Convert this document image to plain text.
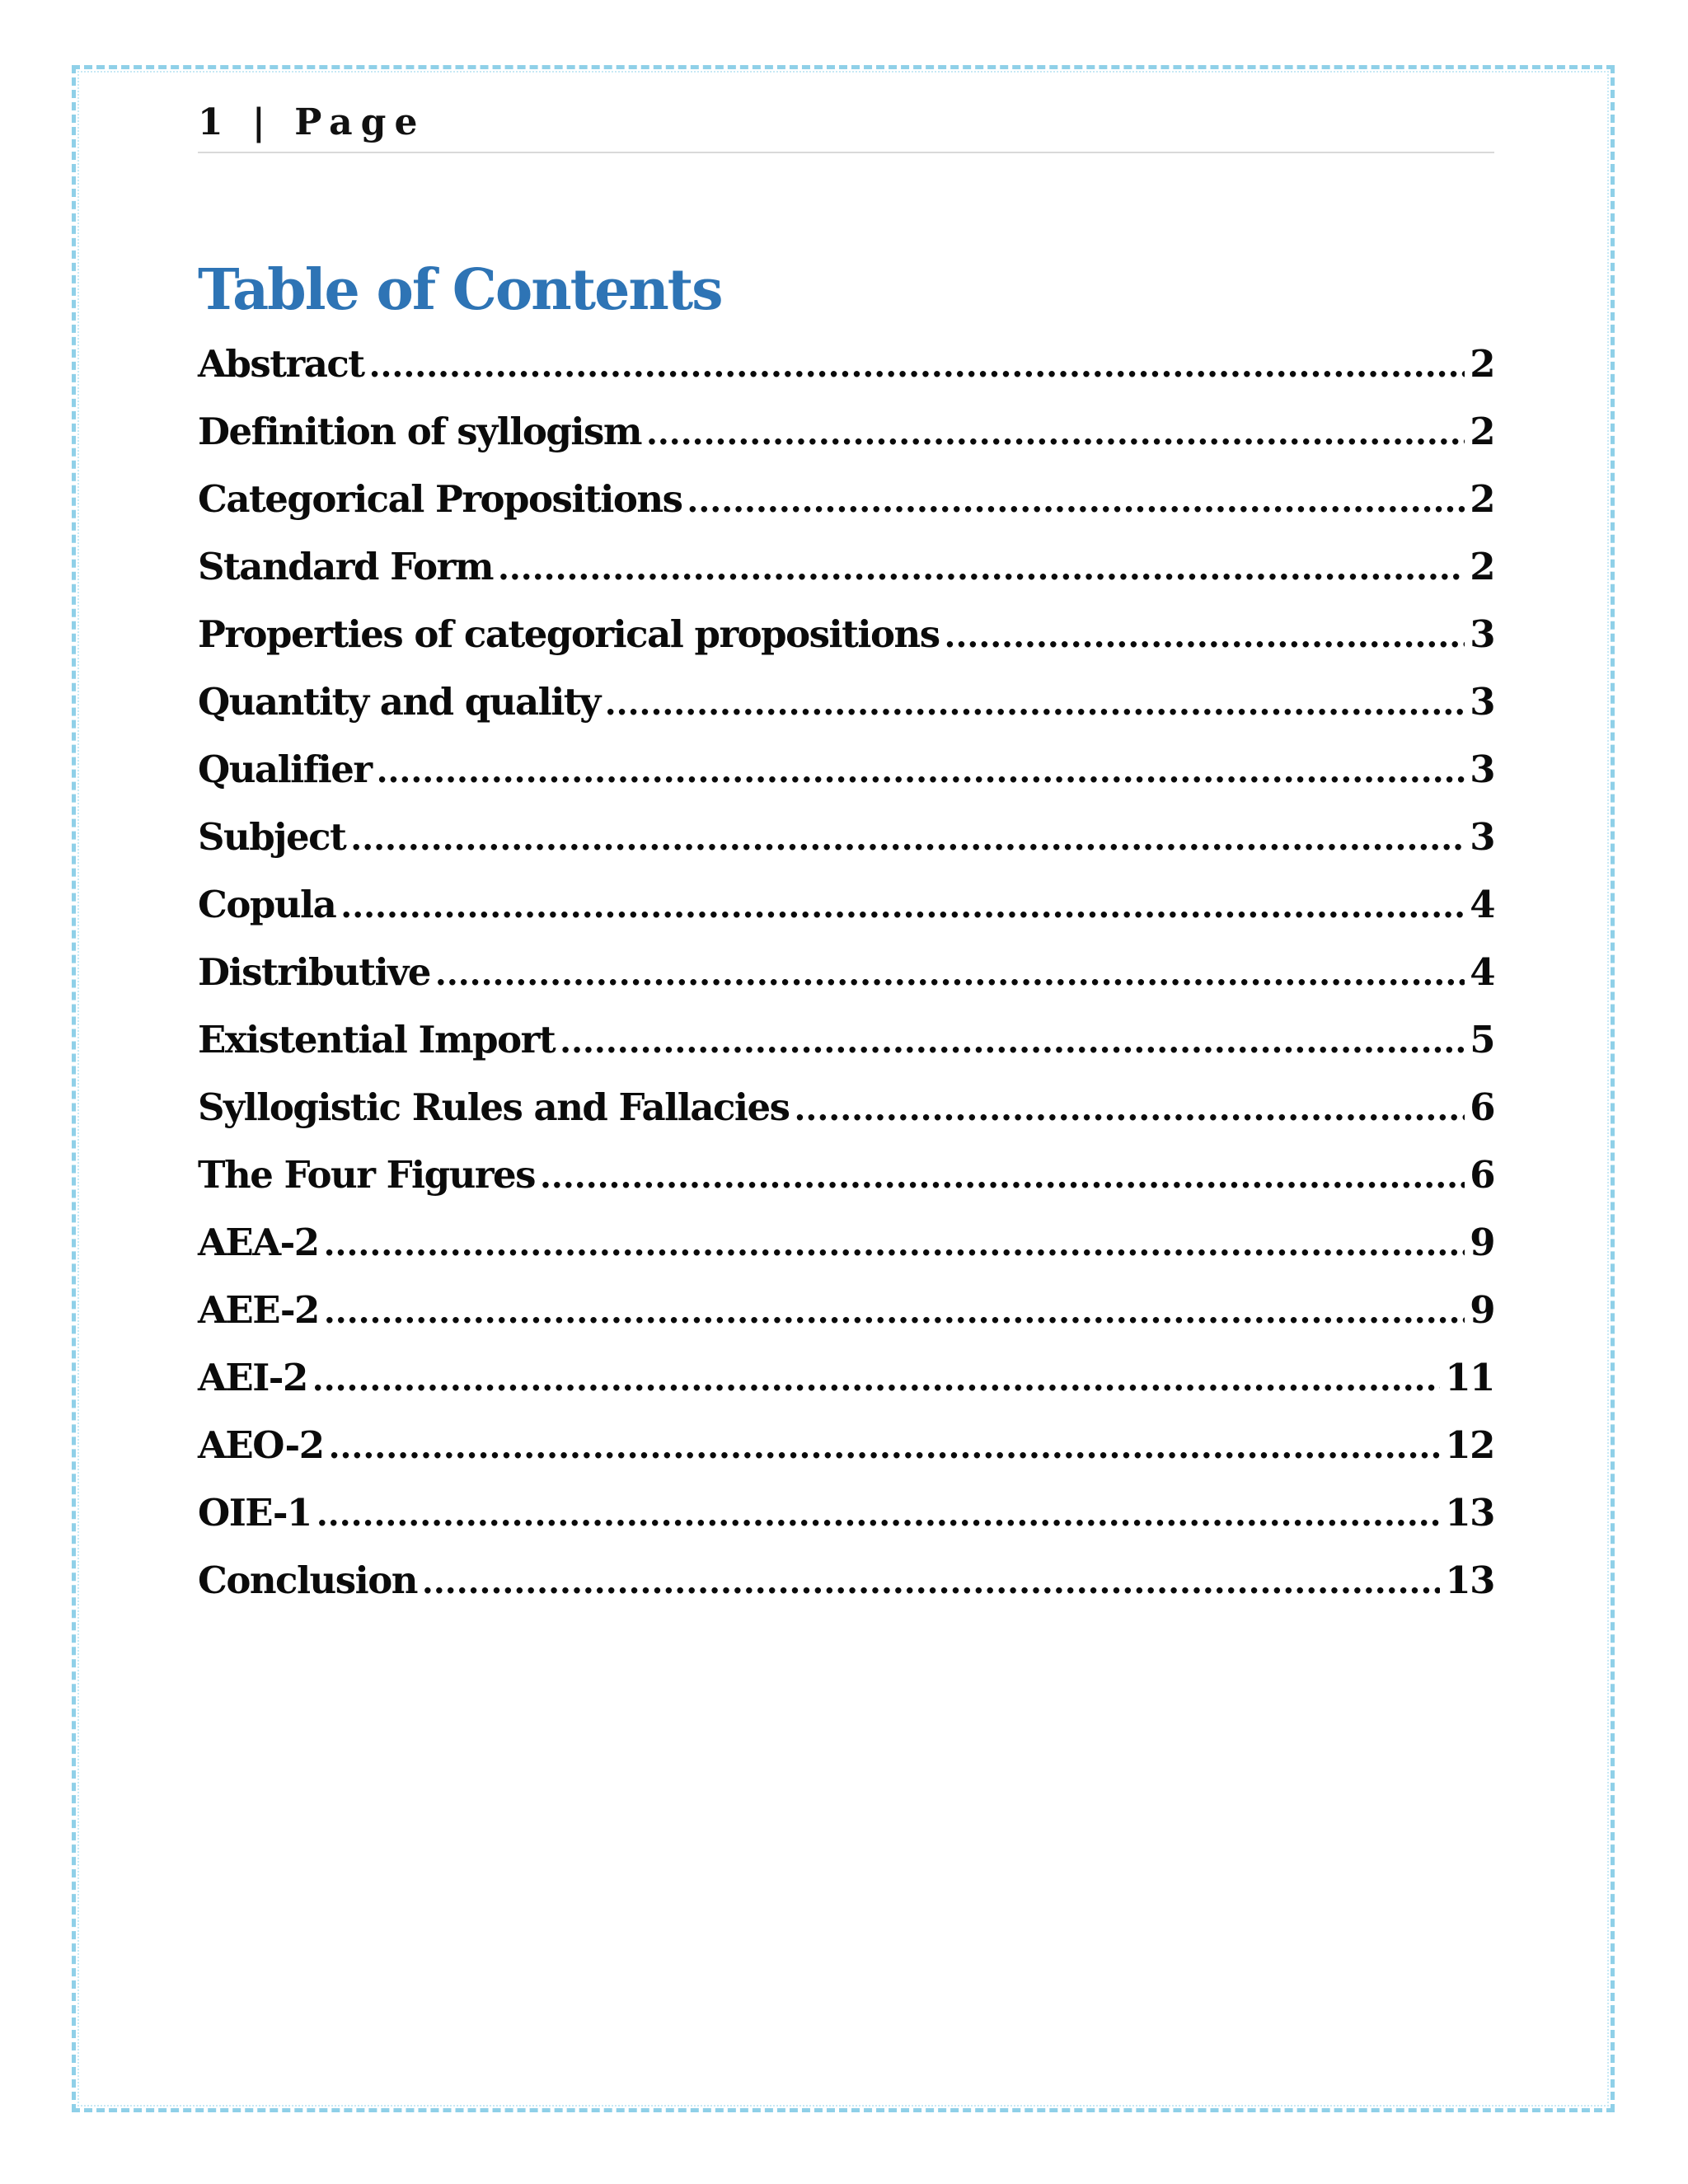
1 | Page
Table of Contents
Abstract .....	2
Definition of syllogism .....	2
Categorical Propositions .....	2
Standard Form .....	2
Properties of categorical propositions .....	3
Quantity and quality .....	3
Qualifier .....	3
Subject .....	3
Copula .....	4
Distributive .....	4
Existential Import .....	5
Syllogistic Rules and Fallacies .....	6
The Four Figures .....	6
AEA-2 .....	9
AEE-2 .....	9
AEI-2 .....	11
AEO-2 .....	12
OIE-1 .....	13
Conclusion .....	13
